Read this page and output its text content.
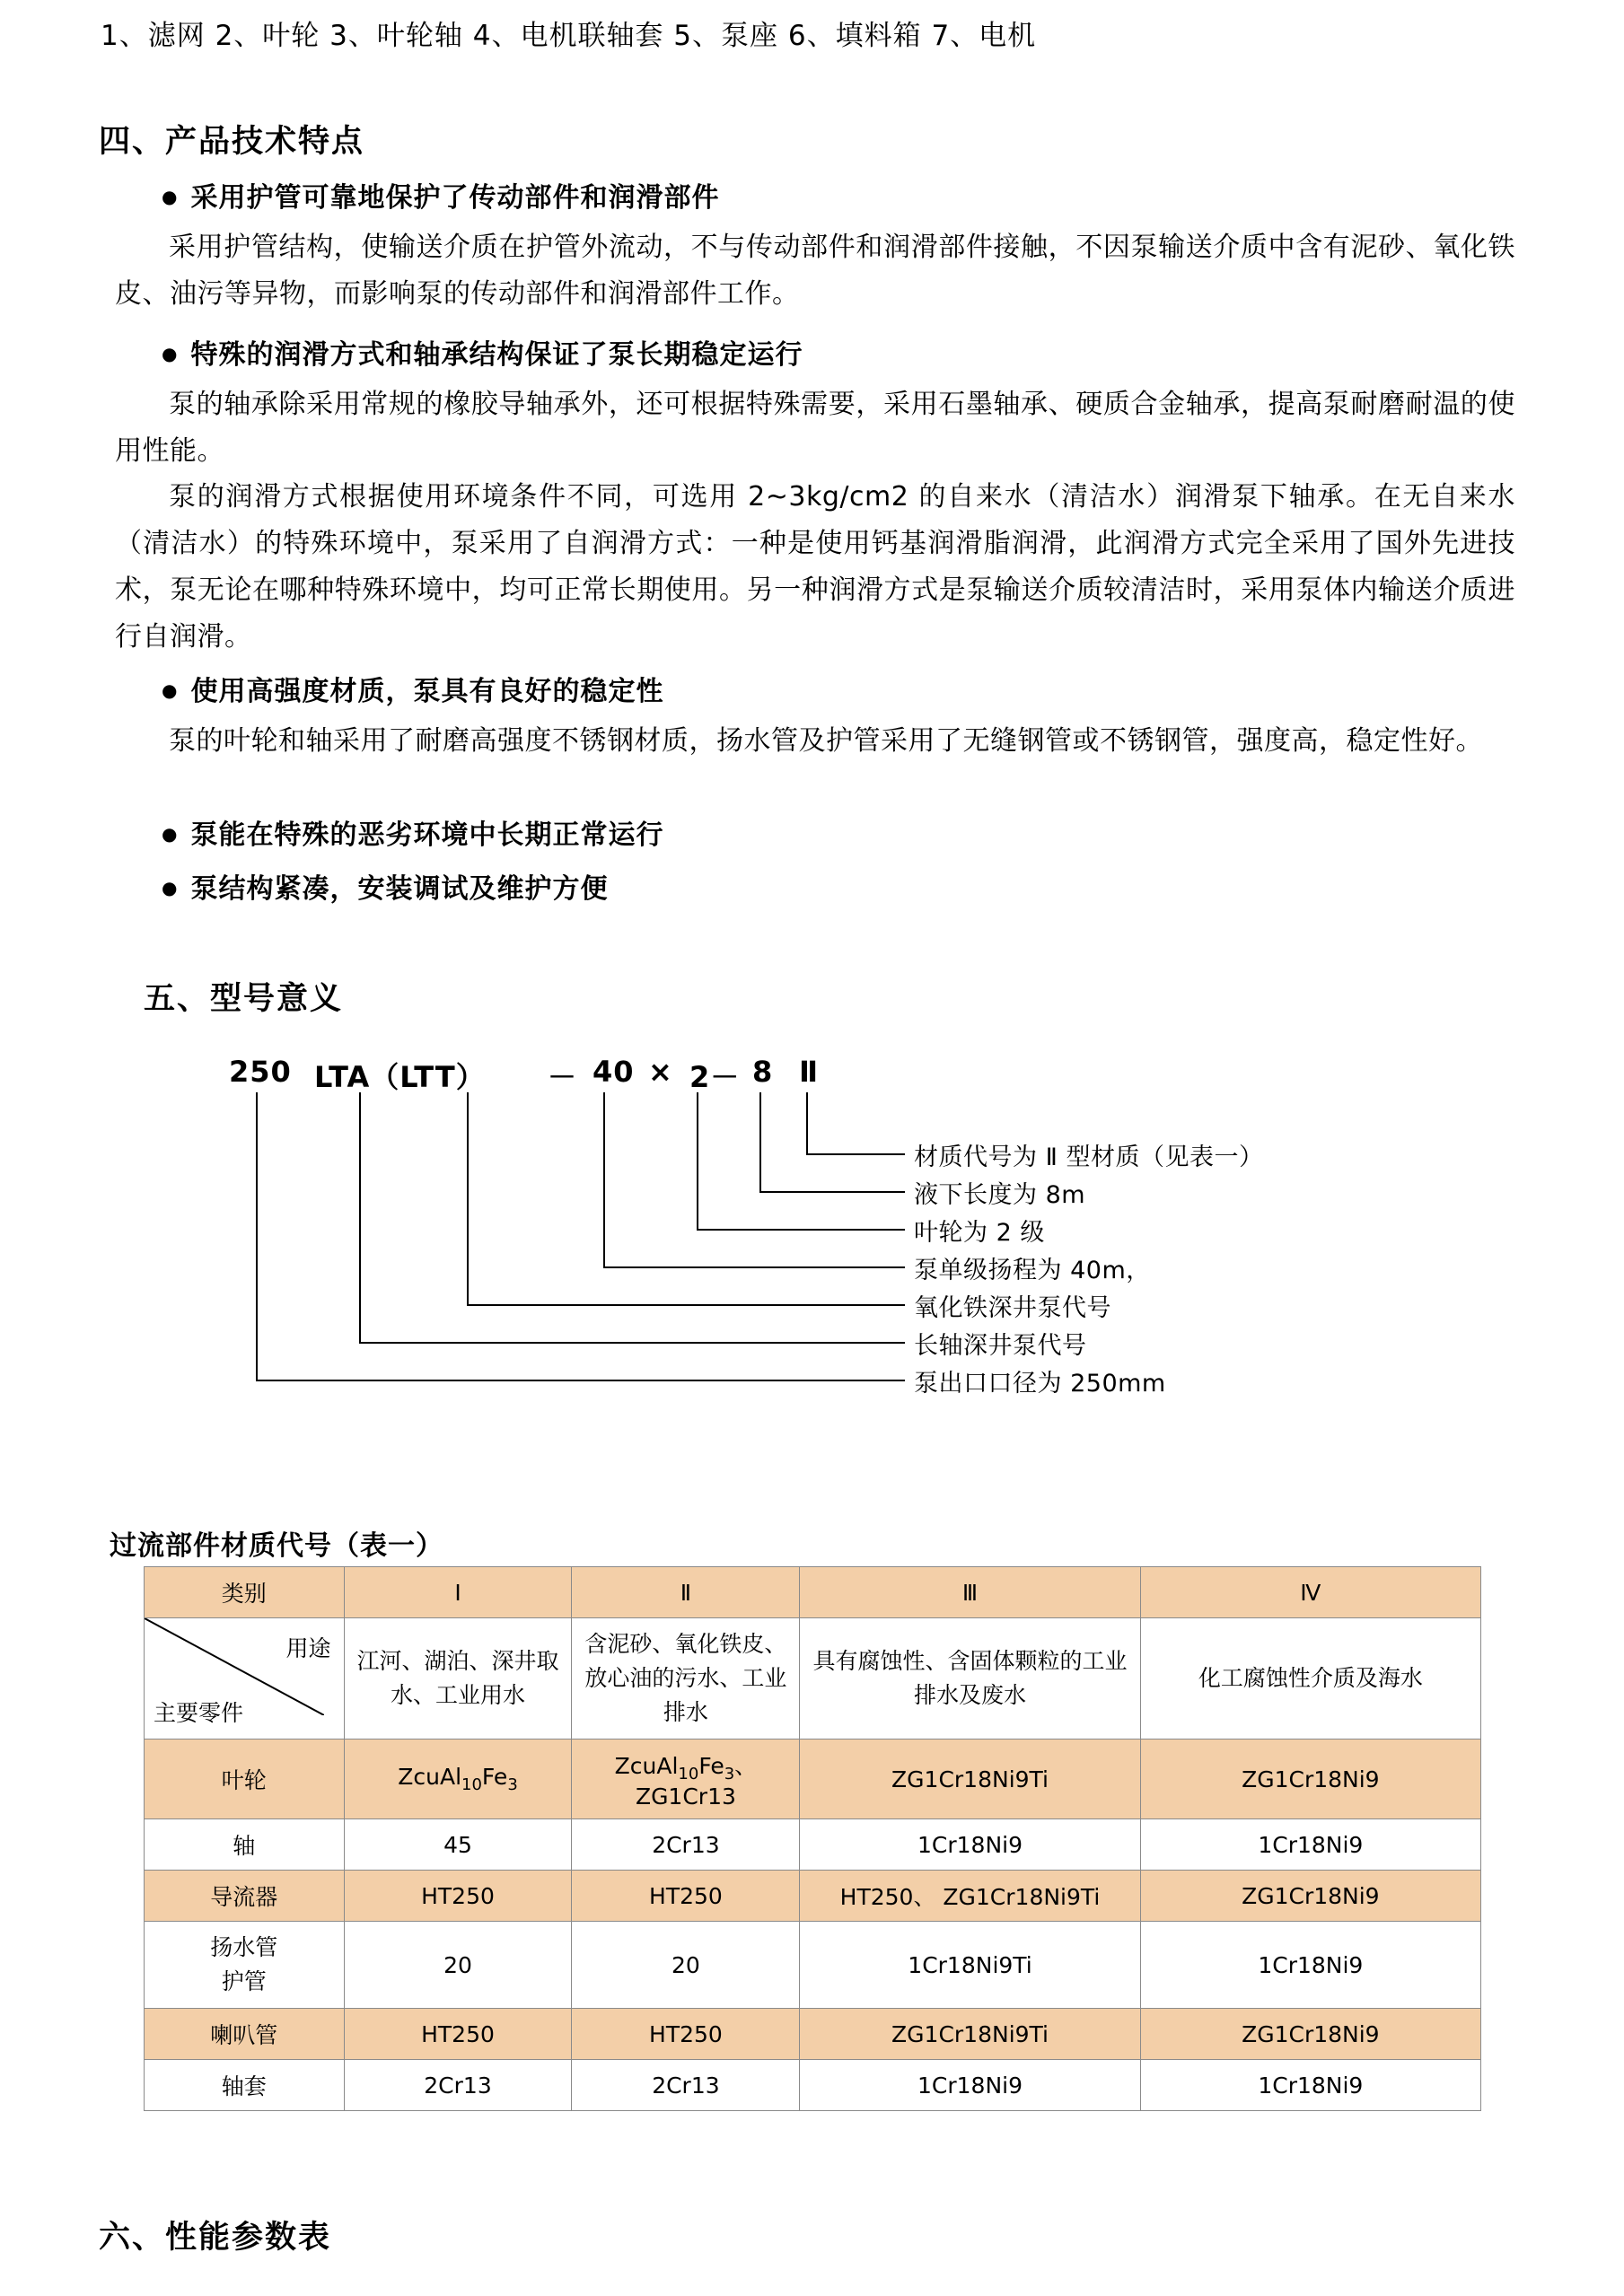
1、滤网 2、叶轮 3、叶轮轴 4、电机联轴套 5、泵座 6、填料箱 7、电机
四、产品技术特点
● 采用护管可靠地保护了传动部件和润滑部件
采用护管结构，使输送介质在护管外流动，不与传动部件和润滑部件接触，不因泵输送介质中含有泥砂、氧化铁皮、油污等异物，而影响泵的传动部件和润滑部件工作。
● 特殊的润滑方式和轴承结构保证了泵长期稳定运行
泵的轴承除采用常规的橡胶导轴承外，还可根据特殊需要，采用石墨轴承、硬质合金轴承，提高泵耐磨耐温的使用性能。
泵的润滑方式根据使用环境条件不同，可选用 2~3kg/cm2 的自来水（清洁水）润滑泵下轴承。在无自来水（清洁水）的特殊环境中，泵采用了自润滑方式：一种是使用钙基润滑脂润滑，此润滑方式完全采用了国外先进技术，泵无论在哪种特殊环境中，均可正常长期使用。另一种润滑方式是泵输送介质较清洁时，采用泵体内输送介质进行自润滑。
● 使用高强度材质，泵具有良好的稳定性
泵的叶轮和轴采用了耐磨高强度不锈钢材质，扬水管及护管采用了无缝钢管或不锈钢管，强度高，稳定性好。
● 泵能在特殊的恶劣环境中长期正常运行
● 泵结构紧凑，安装调试及维护方便
五、型号意义
250 LTA（LTT） － 40 × 2－ 8 Ⅱ
材质代号为 Ⅱ 型材质（见表一）
液下长度为 8m
叶轮为 2 级
泵单级扬程为 40m，
氧化铁深井泵代号
长轴深井泵代号
泵出口口径为 250mm
过流部件材质代号（表一）
类别	Ⅰ	Ⅱ	Ⅲ	Ⅳ

用途
主要零件	江河、湖泊、深井取水、工业用水	含泥砂、氧化铁皮、放心油的污水、工业排水	具有腐蚀性、含固体颗粒的工业排水及废水	化工腐蚀性介质及海水
叶轮	$ZcuAl_{10}Fe_3$	$ZcuAl_{10}Fe_3$、ZG1Cr13	ZG1Cr18Ni9Ti	ZG1Cr18Ni9
轴	45	2Cr13	1Cr18Ni9	1Cr18Ni9
导流器	HT250	HT250	HT250、 ZG1Cr18Ni9Ti	ZG1Cr18Ni9
扬水管
护管	20	20	1Cr18Ni9Ti	1Cr18Ni9
喇叭管	HT250	HT250	ZG1Cr18Ni9Ti	ZG1Cr18Ni9
轴套	2Cr13	2Cr13	1Cr18Ni9	1Cr18Ni9
六、性能参数表
